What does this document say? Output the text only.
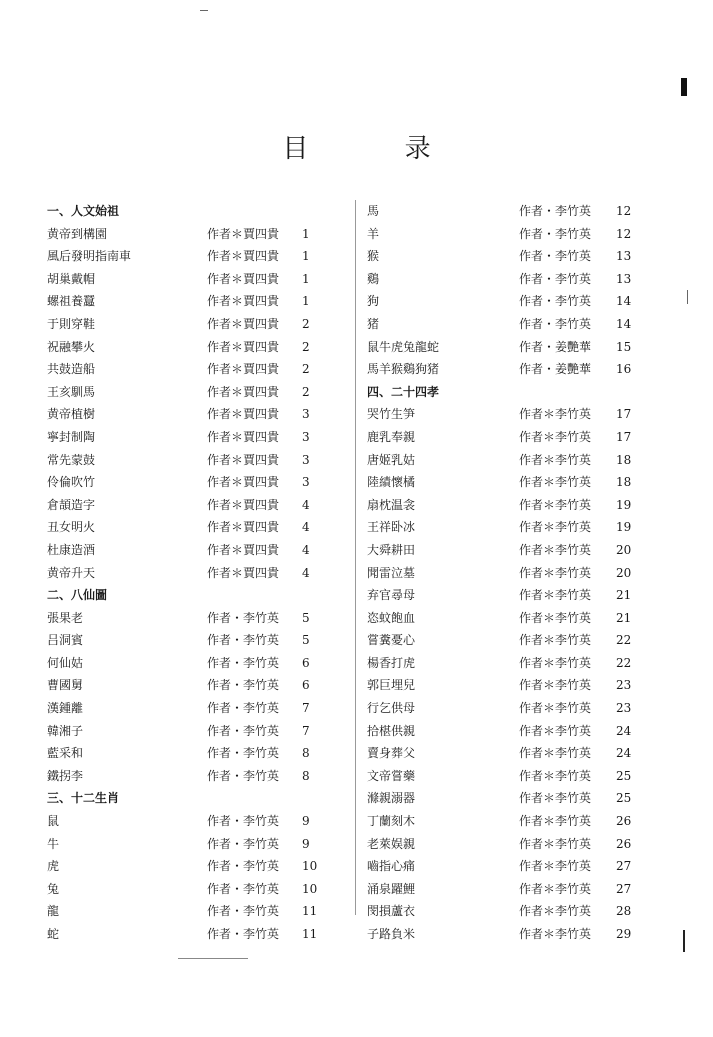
目 录
一、人文始祖
黄帝到構園	作者＊賈四貴 1
風后發明指南車	作者＊賈四貴 1
胡巢戴帽	作者＊賈四貴 1
螺祖養蠶	作者＊賈四貴 1
于則穿鞋	作者＊賈四貴 2
祝融攀火	作者＊賈四貴 2
共鼓造船	作者＊賈四貴 2
王亥馴馬	作者＊賈四貴 2
黄帝植樹	作者＊賈四貴 3
寧封制陶	作者＊賈四貴 3
常先蒙鼓	作者＊賈四貴 3
伶倫吹竹	作者＊賈四貴 3
倉頡造字	作者＊賈四貴 4
丑女明火	作者＊賈四貴 4
杜康造酒	作者＊賈四貴 4
黄帝升天	作者＊賈四貴 4
二、八仙圖
張果老	作者・李竹英 5
吕洞賓	作者・李竹英 5
何仙姑	作者・李竹英 6
曹國舅	作者・李竹英 6
漢鍾離	作者・李竹英 7
韓湘子	作者・李竹英 7
藍采和	作者・李竹英 8
鐵拐李	作者・李竹英 8
三、十二生肖
鼠	作者・李竹英 9
牛	作者・李竹英 9
虎	作者・李竹英 10
兔	作者・李竹英 10
龍	作者・李竹英 11
蛇	作者・李竹英 11
馬	作者・李竹英 12
羊	作者・李竹英 12
猴	作者・李竹英 13
鷄	作者・李竹英 13
狗	作者・李竹英 14
猪	作者・李竹英 14
鼠牛虎兔龍蛇	作者・姜艷華 15
馬羊猴鷄狗猪	作者・姜艷華 16
四、二十四孝
哭竹生笋	作者＊李竹英 17
鹿乳奉親	作者＊李竹英 17
唐姬乳姑	作者＊李竹英 18
陸績懷橘	作者＊李竹英 18
扇枕温衾	作者＊李竹英 19
王祥卧冰	作者＊李竹英 19
大舜耕田	作者＊李竹英 20
聞雷泣墓	作者＊李竹英 20
弃官尋母	作者＊李竹英 21
恣蚊飽血	作者＊李竹英 21
嘗糞憂心	作者＊李竹英 22
楊香打虎	作者＊李竹英 22
郭巨埋兒	作者＊李竹英 23
行乞供母	作者＊李竹英 23
拾椹供親	作者＊李竹英 24
賣身葬父	作者＊李竹英 24
文帝嘗藥	作者＊李竹英 25
滌親溺器	作者＊李竹英 25
丁蘭刻木	作者＊李竹英 26
老萊娱親	作者＊李竹英 26
嚙指心痛	作者＊李竹英 27
涌泉躍鯉	作者＊李竹英 27
閔損蘆衣	作者＊李竹英 28
子路負米	作者＊李竹英 29
